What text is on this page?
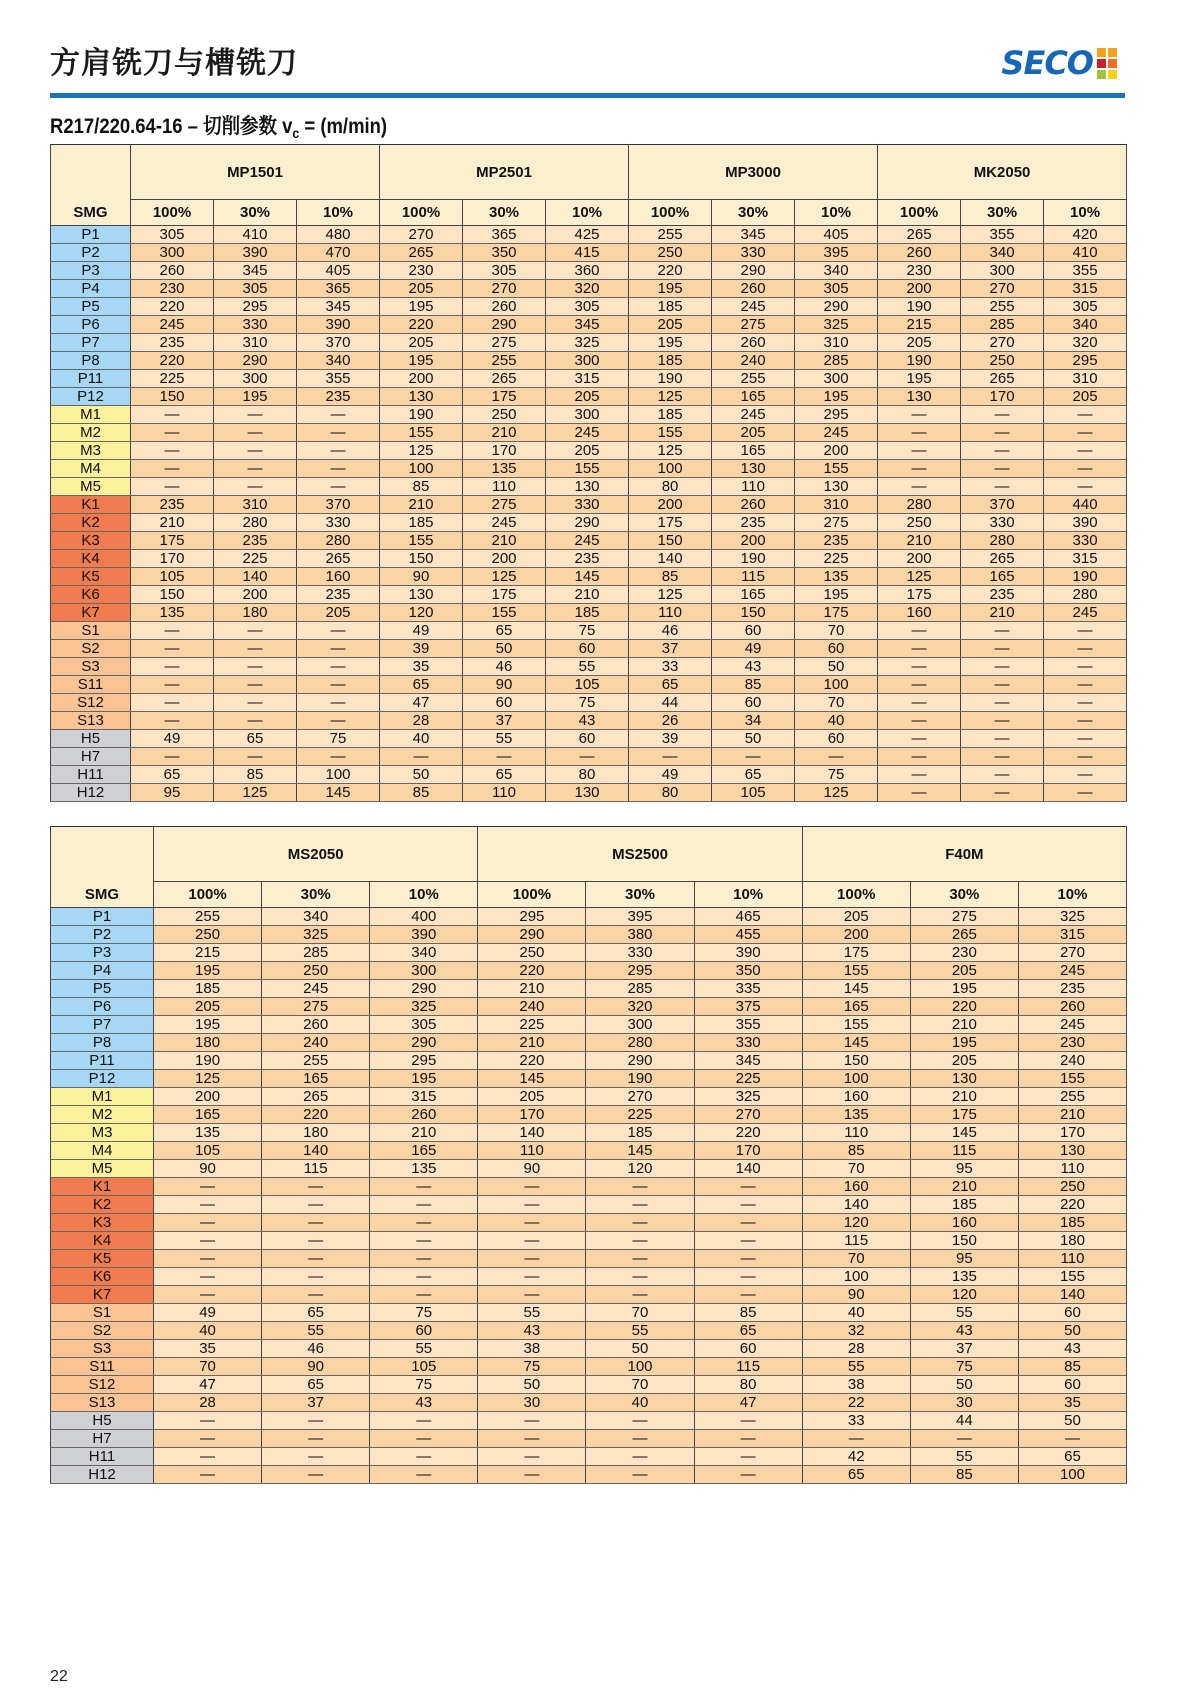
方肩铣刀与槽铣刀	SECO
R217/220.64-16 – 切削参数 $v_c = (m/\min)$
	MP1501			MP2501			MP3000			MK2050		
SMG	100%	30%	10%	100%	30%	10%	100%	30%	10%	100%	30%	10%
P1	305	410	480	270	365	425	255	345	405	265	355	420
P2	300	390	470	265	350	415	250	330	395	260	340	410
P3	260	345	405	230	305	360	220	290	340	230	300	355
P4	230	305	365	205	270	320	195	260	305	200	270	315
P5	220	295	345	195	260	305	185	245	290	190	255	305
P6	245	330	390	220	290	345	205	275	325	215	285	340
P7	235	310	370	205	275	325	195	260	310	205	270	320
P8	220	290	340	195	255	300	185	240	285	190	250	295
P11	225	300	355	200	265	315	190	255	300	195	265	310
P12	150	195	235	130	175	205	125	165	195	130	170	205
M1	—	—	—	190	250	300	185	245	295	—	—	—
M2	—	—	—	155	210	245	155	205	245	—	—	—
M3	—	—	—	125	170	205	125	165	200	—	—	—
M4	—	—	—	100	135	155	100	130	155	—	—	—
M5	—	—	—	85	110	130	80	110	130	—	—	—
K1	235	310	370	210	275	330	200	260	310	280	370	440
K2	210	280	330	185	245	290	175	235	275	250	330	390
K3	175	235	280	155	210	245	150	200	235	210	280	330
K4	170	225	265	150	200	235	140	190	225	200	265	315
K5	105	140	160	90	125	145	85	115	135	125	165	190
K6	150	200	235	130	175	210	125	165	195	175	235	280
K7	135	180	205	120	155	185	110	150	175	160	210	245
S1	—	—	—	49	65	75	46	60	70	—	—	—
S2	—	—	—	39	50	60	37	49	60	—	—	—
S3	—	—	—	35	46	55	33	43	50	—	—	—
S11	—	—	—	65	90	105	65	85	100	—	—	—
S12	—	—	—	47	60	75	44	60	70	—	—	—
S13	—	—	—	28	37	43	26	34	40	—	—	—
H5	49	65	75	40	55	60	39	50	60	—	—	—
H7	—	—	—	—	—	—	—	—	—	—	—	—
H11	65	85	100	50	65	80	49	65	75	—	—	—
H12	95	125	145	85	110	130	80	105	125	—	—	—
	MS2050			MS2500			F40M		
SMG	100%	30%	10%	100%	30%	10%	100%	30%	10%
P1	255	340	400	295	395	465	205	275	325
P2	250	325	390	290	380	455	200	265	315
P3	215	285	340	250	330	390	175	230	270
P4	195	250	300	220	295	350	155	205	245
P5	185	245	290	210	285	335	145	195	235
P6	205	275	325	240	320	375	165	220	260
P7	195	260	305	225	300	355	155	210	245
P8	180	240	290	210	280	330	145	195	230
P11	190	255	295	220	290	345	150	205	240
P12	125	165	195	145	190	225	100	130	155
M1	200	265	315	205	270	325	160	210	255
M2	165	220	260	170	225	270	135	175	210
M3	135	180	210	140	185	220	110	145	170
M4	105	140	165	110	145	170	85	115	130
M5	90	115	135	90	120	140	70	95	110
K1	—	—	—	—	—	—	160	210	250
K2	—	—	—	—	—	—	140	185	220
K3	—	—	—	—	—	—	120	160	185
K4	—	—	—	—	—	—	115	150	180
K5	—	—	—	—	—	—	70	95	110
K6	—	—	—	—	—	—	100	135	155
K7	—	—	—	—	—	—	90	120	140
S1	49	65	75	55	70	85	40	55	60
S2	40	55	60	43	55	65	32	43	50
S3	35	46	55	38	50	60	28	37	43
S11	70	90	105	75	100	115	55	75	85
S12	47	65	75	50	70	80	38	50	60
S13	28	37	43	30	40	47	22	30	35
H5	—	—	—	—	—	—	33	44	50
H7	—	—	—	—	—	—	—	—	—
H11	—	—	—	—	—	—	42	55	65
H12	—	—	—	—	—	—	65	85	100
22
